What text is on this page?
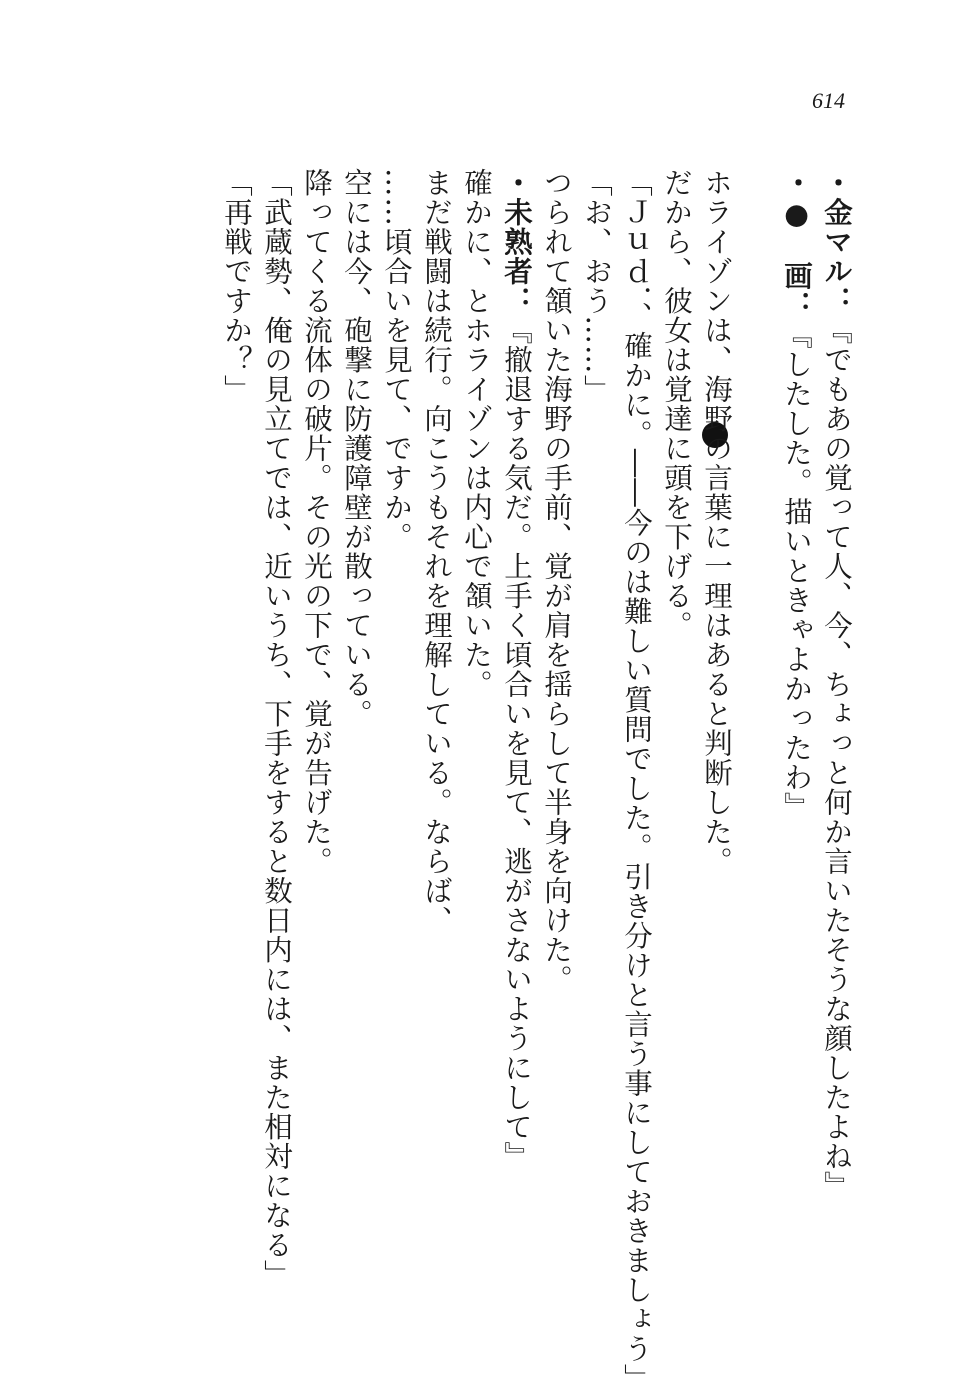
614

・金マル：『でもあの覚って人、今、ちょっと何か言いたそうな顔したよね』

・●　画：『したした。描いときゃよかったわ』

ホライゾンは、海野の言葉に一理はあると判断した。

だから、彼女は覚達に頭を下げる。

「Ｊｕｄ．、確かに。――今のは難しい質問でした。引き分けと言う事にしておきましょう」

「お、おう……」

つられて頷いた海野の手前、覚が肩を揺らして半身を向けた。

・未熟者：『撤退する気だ。上手く頃合いを見て、逃がさないようにして』

確かに、とホライゾンは内心で頷いた。

まだ戦闘は続行。向こうもそれを理解している。ならば、

……頃合いを見て、ですか。

空には今、砲撃に防護障壁が散っている。

降ってくる流体の破片。その光の下で、覚が告げた。

「武蔵勢、俺の見立てでは、近いうち、下手をすると数日内には、また相対になる」

「再戦ですか？」
